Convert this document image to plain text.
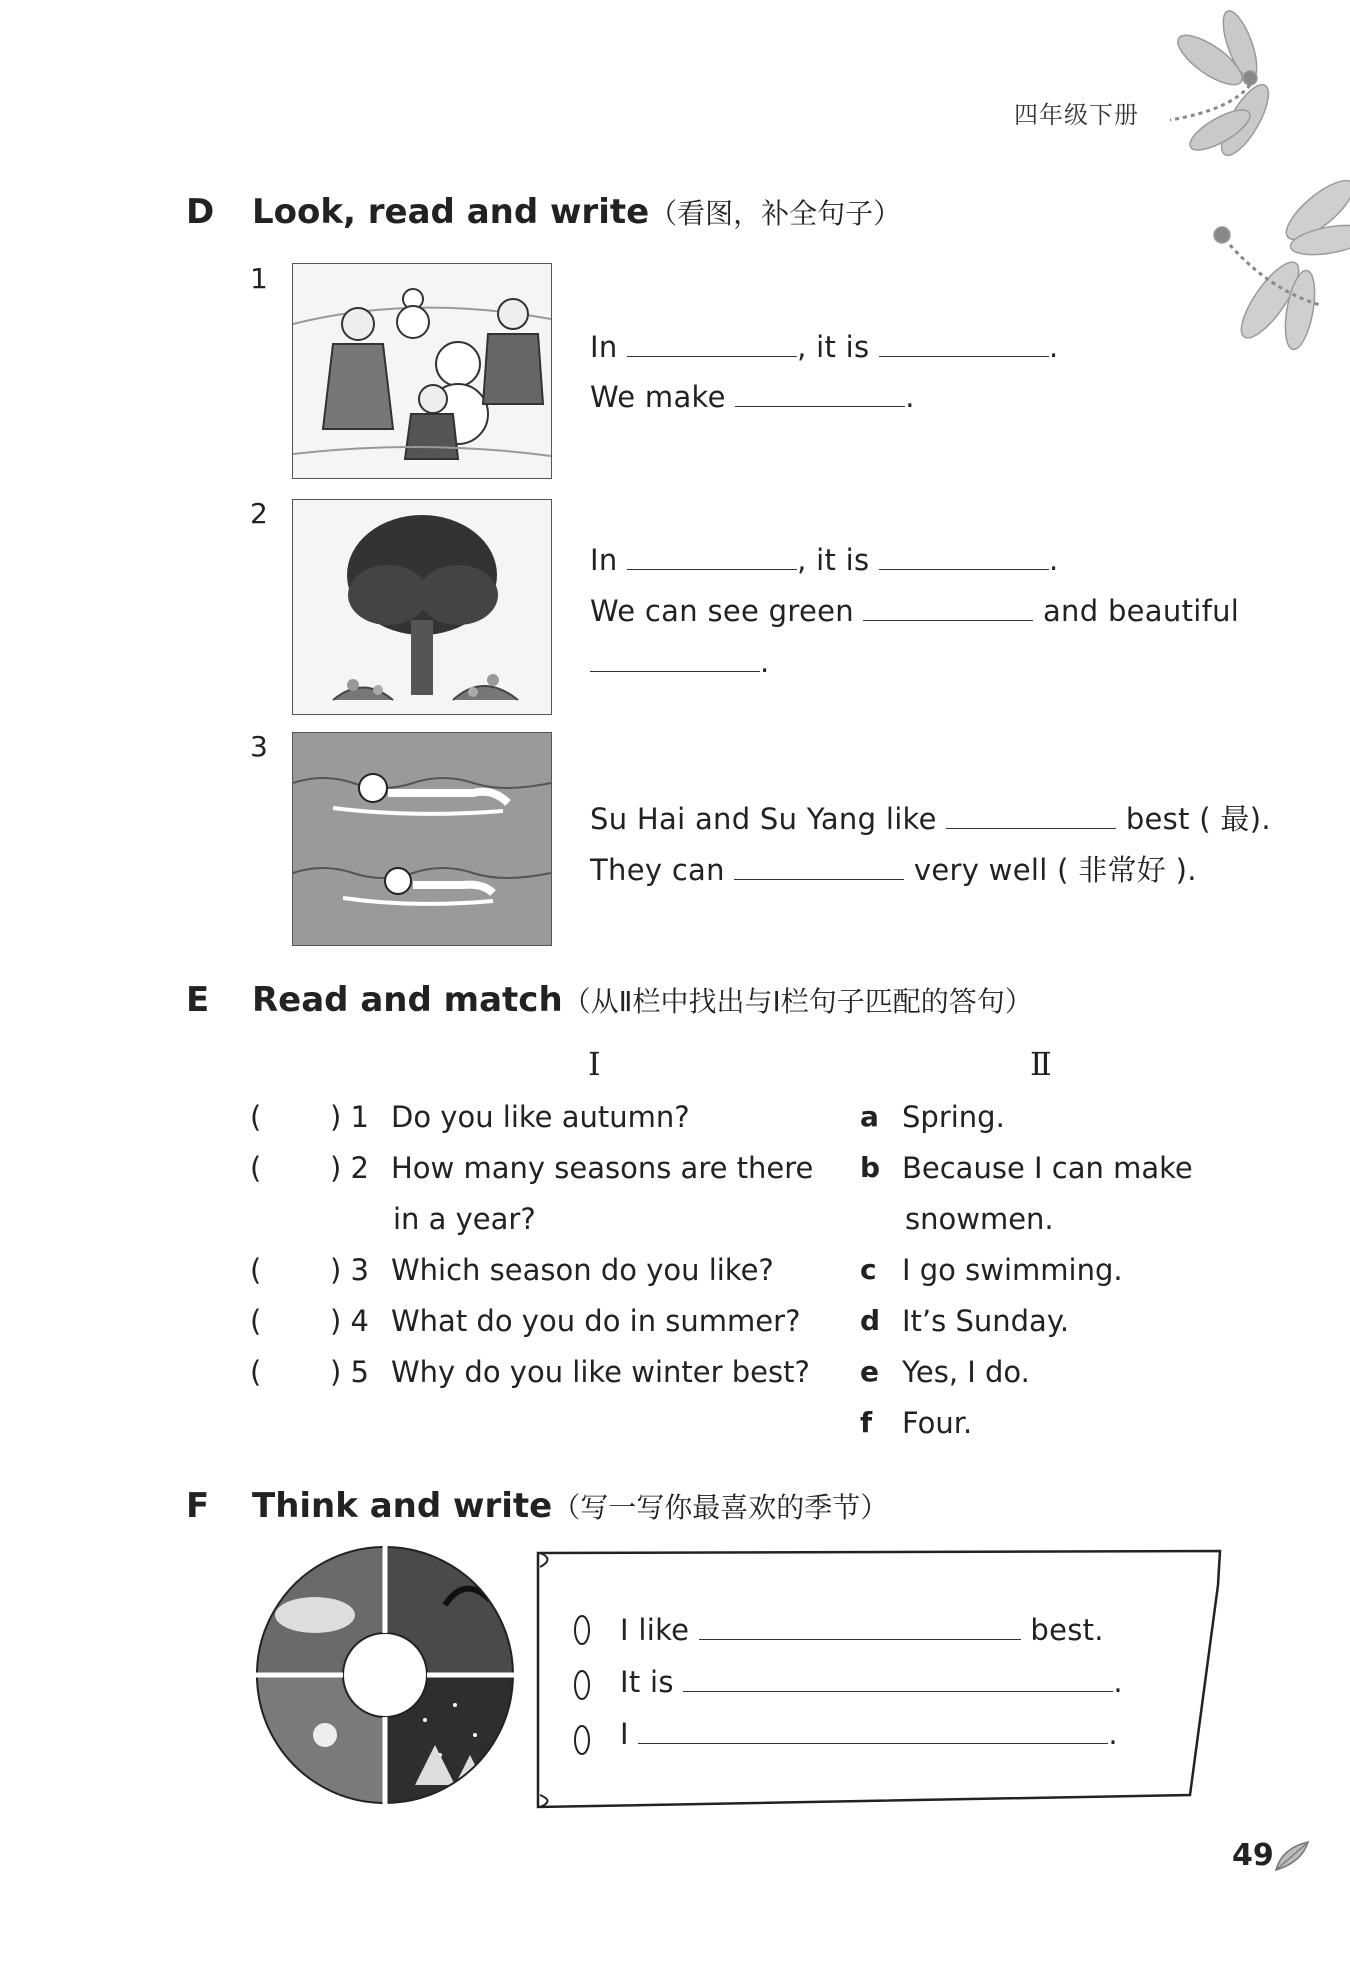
四年级下册
D Look, read and write（看图，补全句子）
1
In	, it is	.
We make	.
2
In	, it is	.
We can see green	and beautiful
.
3
Su Hai and Su Yang like	best ( 最).
They can	very well ( 非常好 ).
E Read and match（从Ⅱ栏中找出与Ⅰ栏句子匹配的答句）
Ⅰ	Ⅱ
( ) 1 Do you like autumn?
( ) 2 How many seasons are there
in a year?
( ) 3 Which season do you like?
( ) 4 What do you do in summer?
( ) 5 Why do you like winter best?
a Spring.
b Because I can make
snowmen.
c I go swimming.
d It’s Sunday.
e Yes, I do.
f Four.
F Think and write（写一写你最喜欢的季节）
I like	best.
It is	.
I	.
49
